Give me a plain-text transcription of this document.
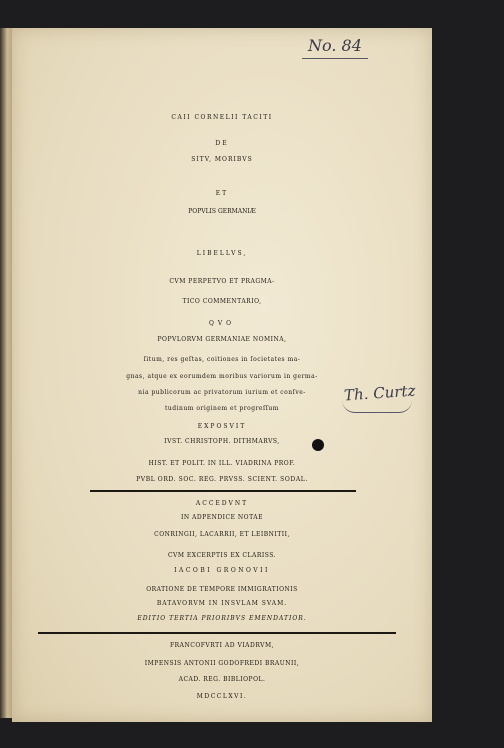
No. 84
CAII CORNELII TACITI
DE
SITV, MORIBVS
ET
POPVLIS GERMANIÆ
LIBELLVS,
CVM PERPETVO ET PRAGMA-
TICO COMMENTARIO,
QVO
POPVLORVM GERMANIAE NOMINA,
ſitum, res geſtas, coitiones in ſocietates ma-
gnas, atque ex eorumdem moribus variorum in germa-
nia publicorum ac privatorum iurium et conſve-
tudinum originem et progreſſum
Th. Curtz
EXPOSVIT
IVST. CHRISTOPH. DITHMARVS,
HIST. ET POLIT. IN ILL. VIADRINA PROF.
PVBL ORD. SOC. REG. PRVSS. SCIENT. SODAL.
ACCEDVNT
IN ADPENDICE NOTAE
CONRINGII, LACARRII, ET LEIBNITII,
CVM EXCERPTIS EX CLARISS.
IACOBI GRONOVII
ORATIONE DE TEMPORE IMMIGRATIONIS
BATAVORVM IN INSVLAM SVAM.
EDITIO TERTIA PRIORIBVS EMENDATIOR.
FRANCOFVRTI AD VIADRVM,
IMPENSIS ANTONII GODOFREDI BRAUNII,
ACAD. REG. BIBLIOPOL.
MDCCLXVI.
